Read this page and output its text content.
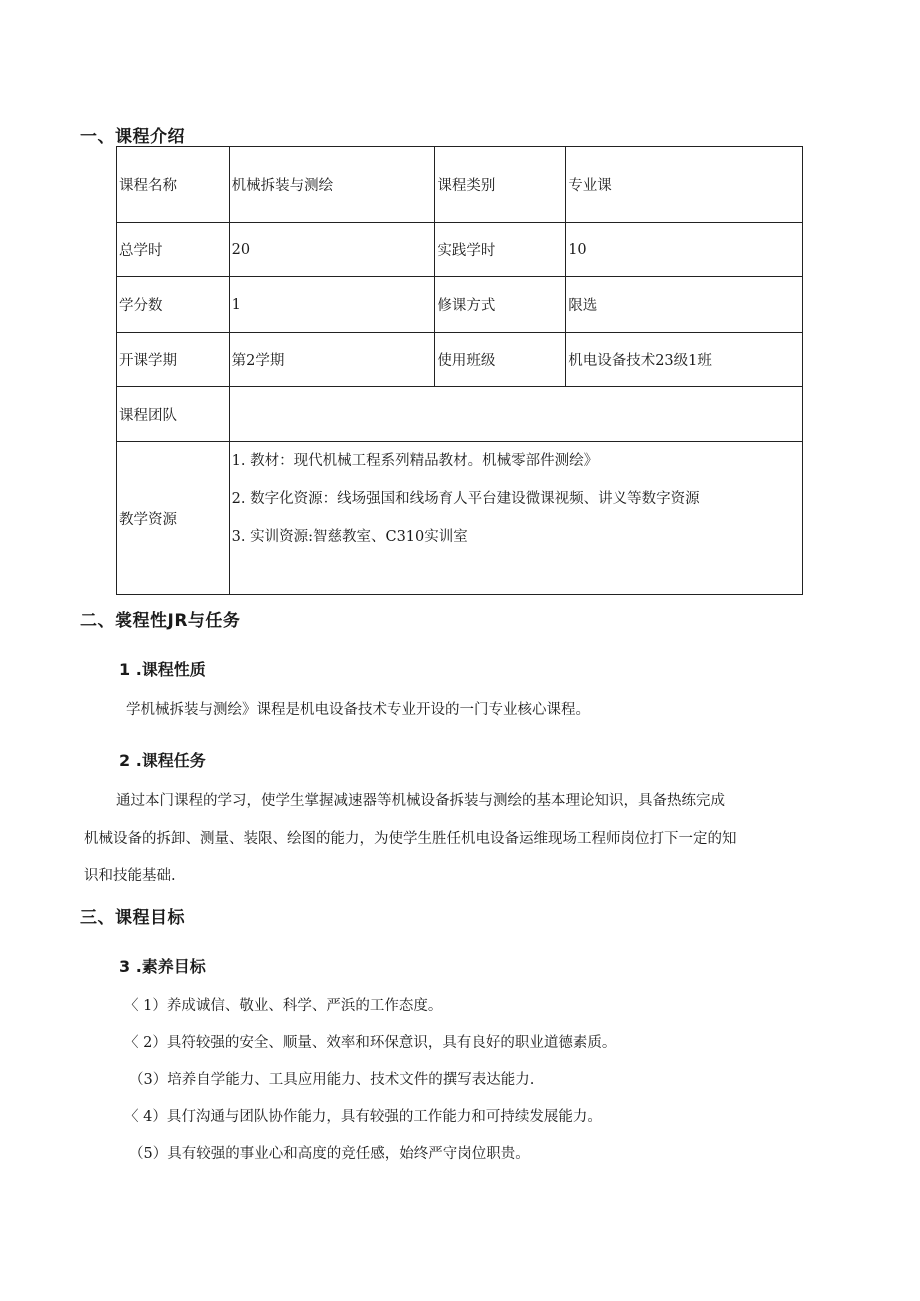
一、课程介绍
课程名称	机械拆装与测绘	课程类别	专业课
总学时	20	实践学时	10
学分数	1	修课方式	限选
开课学期	第2学期	使用班级	机电设备技术23级1班
课程团队			
教学资源	1. 教材：现代机械工程系列精品教材。机械零部件测绘》
2. 数字化资源：线场强国和线场育人平台建设微课视频、讲义等数字资源
3. 实训资源:智慈教室、C310实训室		
二、裳程性JR与任务
1 .课程性质
学机械拆装与测绘》课程是机电设备技术专业开设的一门专业核心课程。
2 .课程任务
通过本门课程的学习，使学生掌握减速器等机械设备拆装与测绘的基本理论知识，具备热练完成
机械设备的拆卸、测量、装限、绘图的能力，为使学生胜任机电设备运维现场工程师岗位打下一定的知
识和技能基础.
三、课程目标
3 .素养目标
〈 1）养成诚信、敬业、科学、严浜的工作态度。
〈 2）具符较强的安全、顺量、效率和环保意识，具有良好的职业道德素质。
（3）培养自学能力、工具应用能力、技术文件的撰写表达能力.
〈 4）具仃沟通与团队协作能力，具有较强的工作能力和可持续发展能力。
（5）具有较强的事业心和高度的竞任感，始终严守岗位职贵。
